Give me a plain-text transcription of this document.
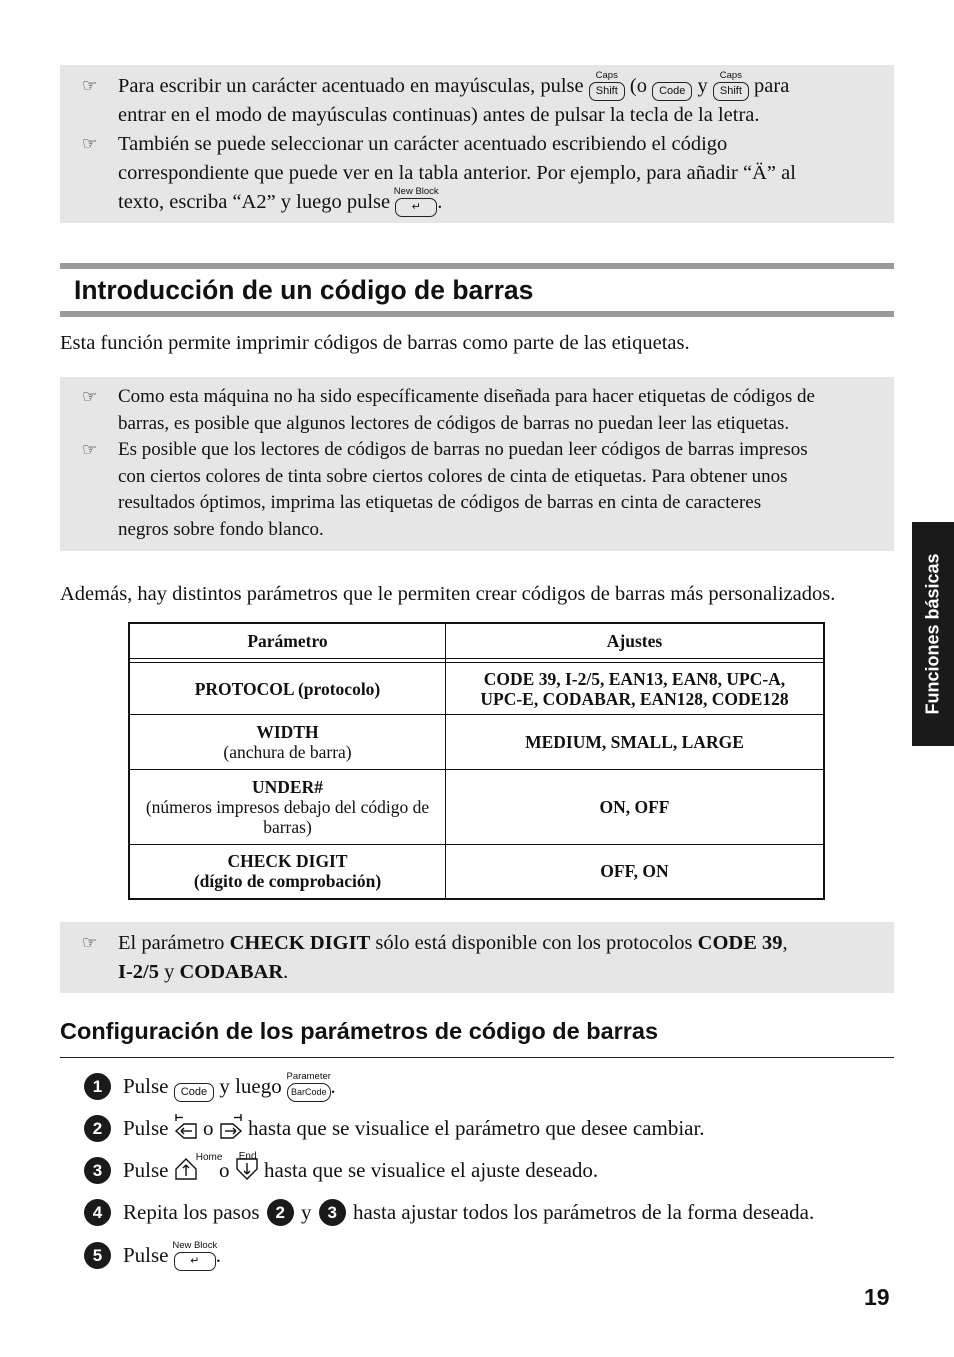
☞ Para escribir un carácter acentuado en mayúsculas, pulse Caps
Shift (o Code y Caps
Shift para
entrar en el modo de mayúsculas continuas) antes de pulsar la tecla de la letra.
☞ También se puede seleccionar un carácter acentuado escribiendo el código
correspondiente que puede ver en la tabla anterior. Por ejemplo, para añadir “Ä” al
texto, escriba “A2” y luego pulse New Block
↵ .
Introducción de un código de barras
Esta función permite imprimir códigos de barras como parte de las etiquetas.
☞ Como esta máquina no ha sido específicamente diseñada para hacer etiquetas de códigos de
barras, es posible que algunos lectores de códigos de barras no puedan leer las etiquetas.
☞ Es posible que los lectores de códigos de barras no puedan leer códigos de barras impresos
con ciertos colores de tinta sobre ciertos colores de cinta de etiquetas. Para obtener unos
resultados óptimos, imprima las etiquetas de códigos de barras en cinta de caracteres
negros sobre fondo blanco.
Además, hay distintos parámetros que le permiten crear códigos de barras más personalizados.
Parámetro	Ajustes

PROTOCOL (protocolo)	CODE 39, I-2/5, EAN13, EAN8, UPC-A,
UPC-E, CODABAR, EAN128, CODE128
WIDTH
(anchura de barra)	MEDIUM, SMALL, LARGE
UNDER#
(números impresos debajo del código de barras)	ON, OFF
CHECK DIGIT
(dígito de comprobación)	OFF, ON
☞ El parámetro CHECK DIGIT sólo está disponible con los protocolos CODE 39,
I-2/5 y CODABAR.
Configuración de los parámetros de código de barras
1 Pulse Code y luego Parameter
BarCode .
2 Pulse o hasta que se visualice el parámetro que desee cambiar.
3 Pulse
Home
o
End
hasta que se visualice el ajuste deseado.
4 Repita los pasos 2 y 3 hasta ajustar todos los parámetros de la forma deseada.
5 Pulse New Block
↵ .
Funciones básicas
19
